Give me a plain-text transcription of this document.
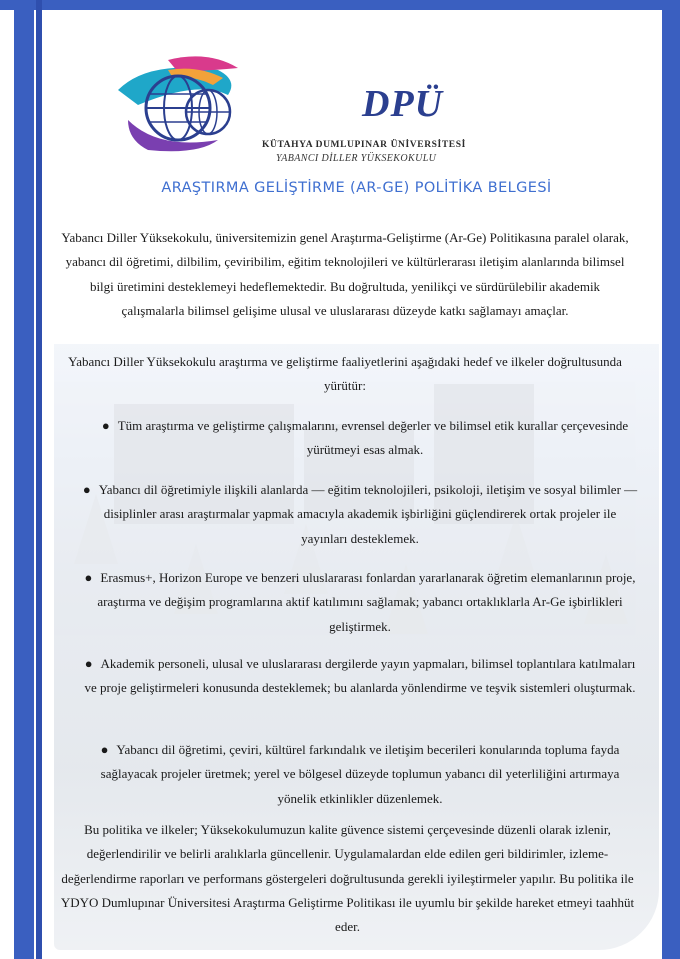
DPÜ
KÜTAHYA DUMLUPINAR ÜNİVERSİTESİ
YABANCI DİLLER YÜKSEKOKULU
ARAŞTIRMA GELİŞTİRME (AR-GE) POLİTİKA BELGESİ
Yabancı Diller Yüksekokulu, üniversitemizin genel Araştırma-Geliştirme (Ar-Ge) Politikasına paralel olarak, yabancı dil öğretimi, dilbilim, çeviribilim, eğitim teknolojileri ve kültürlerarası iletişim alanlarında bilimsel bilgi üretimini desteklemeyi hedeflemektedir. Bu doğrultuda, yenilikçi ve sürdürülebilir akademik çalışmalarla bilimsel gelişime ulusal ve uluslararası düzeyde katkı sağlamayı amaçlar.
Yabancı Diller Yüksekokulu araştırma ve geliştirme faaliyetlerini aşağıdaki hedef ve ilkeler doğrultusunda yürütür:
● Tüm araştırma ve geliştirme çalışmalarını, evrensel değerler ve bilimsel etik kurallar çerçevesinde yürütmeyi esas almak.
● Yabancı dil öğretimiyle ilişkili alanlarda — eğitim teknolojileri, psikoloji, iletişim ve sosyal bilimler — disiplinler arası araştırmalar yapmak amacıyla akademik işbirliğini güçlendirerek ortak projeler ile yayınları desteklemek.
● Erasmus+, Horizon Europe ve benzeri uluslararası fonlardan yararlanarak öğretim elemanlarının proje, araştırma ve değişim programlarına aktif katılımını sağlamak; yabancı ortaklıklarla Ar-Ge işbirlikleri geliştirmek.
● Akademik personeli, ulusal ve uluslararası dergilerde yayın yapmaları, bilimsel toplantılara katılmaları ve proje geliştirmeleri konusunda desteklemek; bu alanlarda yönlendirme ve teşvik sistemleri oluşturmak.
● Yabancı dil öğretimi, çeviri, kültürel farkındalık ve iletişim becerileri konularında topluma fayda sağlayacak projeler üretmek; yerel ve bölgesel düzeyde toplumun yabancı dil yeterliliğini artırmaya yönelik etkinlikler düzenlemek.
Bu politika ve ilkeler; Yüksekokulumuzun kalite güvence sistemi çerçevesinde düzenli olarak izlenir, değerlendirilir ve belirli aralıklarla güncellenir. Uygulamalardan elde edilen geri bildirimler, izleme-değerlendirme raporları ve performans göstergeleri doğrultusunda gerekli iyileştirmeler yapılır. Bu politika ile YDYO Dumlupınar Üniversitesi Araştırma Geliştirme Politikası ile uyumlu bir şekilde hareket etmeyi taahhüt eder.
